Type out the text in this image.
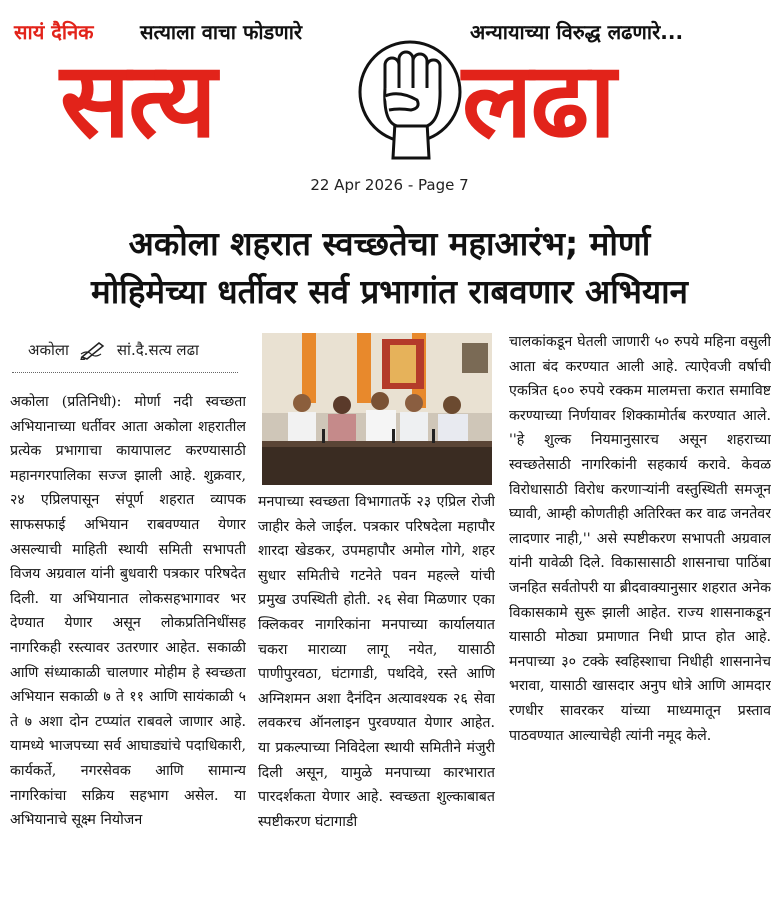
सायं दैनिक सत्याला वाचा फोडणारे	अन्यायाच्या विरुद्ध लढणारे...
सत्य	लढा
22 Apr 2026 - Page 7
अकोला शहरात स्वच्छतेचा महाआरंभ; मोर्णा
मोहिमेच्या धर्तीवर सर्व प्रभागांत राबवणार अभियान
अकोला	सां.दै.सत्य लढा
अकोला (प्रतिनिधी): मोर्णा नदी स्वच्छता अभियानाच्या धर्तीवर आता अकोला शहरातील प्रत्येक प्रभागाचा कायापालट करण्यासाठी महानगरपालिका सज्ज झाली आहे. शुक्रवार, २४ एप्रिलपासून संपूर्ण शहरात व्यापक साफसफाई अभियान राबवण्यात येणार असल्याची माहिती स्थायी समिती सभापती विजय अग्रवाल यांनी बुधवारी पत्रकार परिषदेत दिली. या अभियानात लोकसहभागावर भर देण्यात येणार असून लोकप्रतिनिधींसह नागरिकही रस्त्यावर उतरणार आहेत. सकाळी आणि संध्याकाळी चालणार मोहीम हे स्वच्छता अभियान सकाळी ७ ते ११ आणि सायंकाळी ५ ते ७ अशा दोन टप्प्यांत राबवले जाणार आहे. यामध्ये भाजपच्या सर्व आघाड्यांचे पदाधिकारी, कार्यकर्ते, नगरसेवक आणि सामान्य नागरिकांचा सक्रिय सहभाग असेल. या अभियानाचे सूक्ष्म नियोजन
मनपाच्या स्वच्छता विभागातर्फे २३ एप्रिल रोजी जाहीर केले जाईल. पत्रकार परिषदेला महापौर शारदा खेडकर, उपमहापौर अमोल गोगे, शहर सुधार समितीचे गटनेते पवन महल्ले यांची प्रमुख उपस्थिती होती. २६ सेवा मिळणार एका क्लिकवर नागरिकांना मनपाच्या कार्यालयात चकरा माराव्या लागू नयेत, यासाठी पाणीपुरवठा, घंटागाडी, पथदिवे, रस्ते आणि अग्निशमन अशा दैनंदिन अत्यावश्यक २६ सेवा लवकरच ऑनलाइन पुरवण्यात येणार आहेत. या प्रकल्पाच्या निविदेला स्थायी समितीने मंजुरी दिली असून, यामुळे मनपाच्या कारभारात पारदर्शकता येणार आहे. स्वच्छता शुल्काबाबत स्पष्टीकरण घंटागाडी
चालकांकडून घेतली जाणारी ५० रुपये महिना वसुली आता बंद करण्यात आली आहे. त्याऐवजी वर्षाची एकत्रित ६०० रुपये रक्कम मालमत्ता करात समाविष्ट करण्याच्या निर्णयावर शिक्कामोर्तब करण्यात आले. ''हे शुल्क नियमानुसारच असून शहराच्या स्वच्छतेसाठी नागरिकांनी सहकार्य करावे. केवळ विरोधासाठी विरोध करणाऱ्यांनी वस्तुस्थिती समजून घ्यावी, आम्ही कोणतीही अतिरिक्त कर वाढ जनतेवर लादणार नाही,'' असे स्पष्टीकरण सभापती अग्रवाल यांनी यावेळी दिले. विकासासाठी शासनाचा पाठिंबा जनहित सर्वतोपरी या ब्रीदवाक्यानुसार शहरात अनेक विकासकामे सुरू झाली आहेत. राज्य शासनाकडून यासाठी मोठ्या प्रमाणात निधी प्राप्त होत आहे. मनपाच्या ३० टक्के स्वहिस्शाचा निधीही शासनानेच भरावा, यासाठी खासदार अनुप धोत्रे आणि आमदार रणधीर सावरकर यांच्या माध्यमातून प्रस्ताव पाठवण्यात आल्याचेही त्यांनी नमूद केले.
